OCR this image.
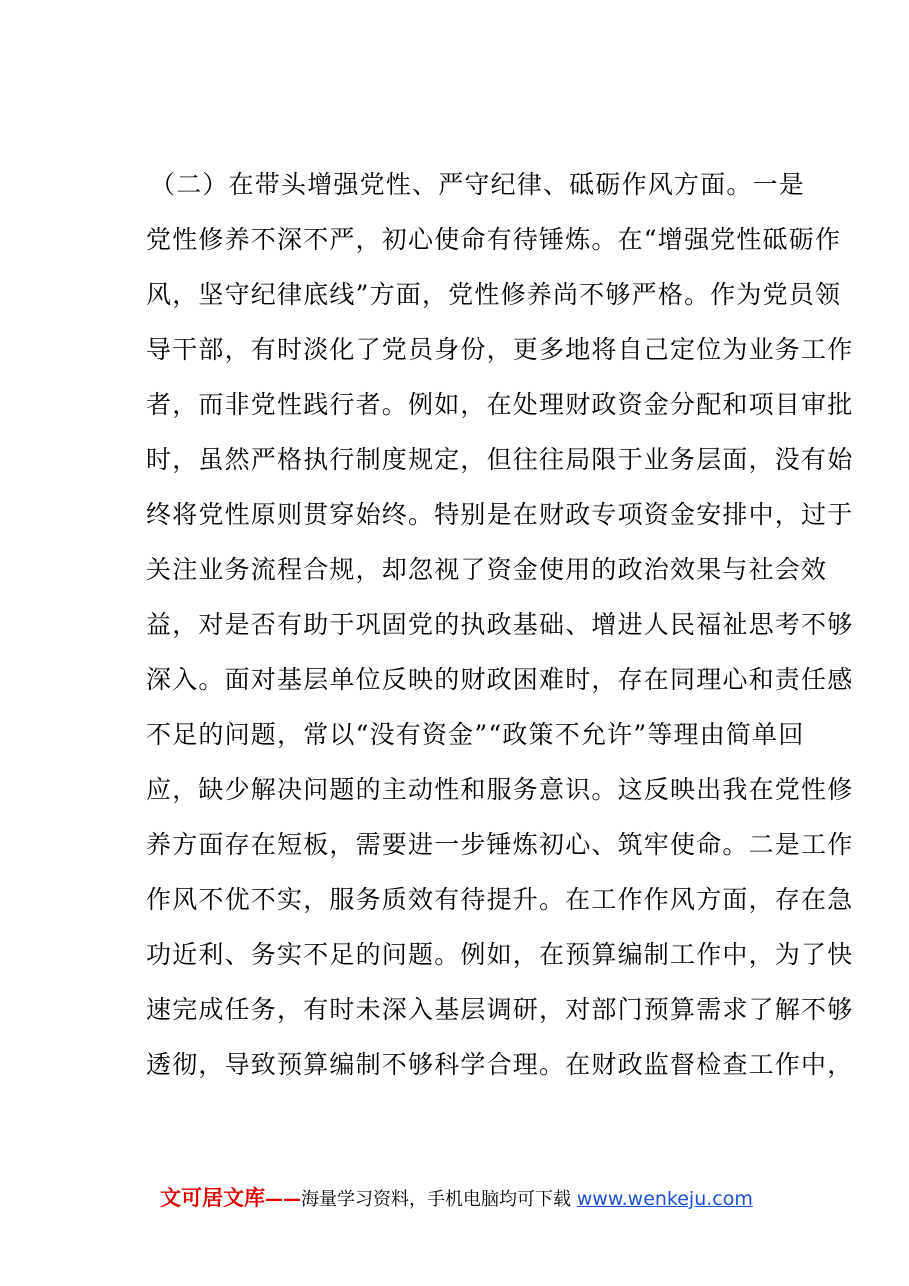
（二）在带头增强党性、严守纪律、砥砺作风方面。一是
党性修养不深不严，初心使命有待锤炼。在“增强党性砥砺作
风，坚守纪律底线”方面，党性修养尚不够严格。作为党员领
导干部，有时淡化了党员身份，更多地将自己定位为业务工作
者，而非党性践行者。例如，在处理财政资金分配和项目审批
时，虽然严格执行制度规定，但往往局限于业务层面，没有始
终将党性原则贯穿始终。特别是在财政专项资金安排中，过于
关注业务流程合规，却忽视了资金使用的政治效果与社会效
益，对是否有助于巩固党的执政基础、增进人民福祉思考不够
深入。面对基层单位反映的财政困难时，存在同理心和责任感
不足的问题，常以“没有资金”“政策不允许”等理由简单回
应，缺少解决问题的主动性和服务意识。这反映出我在党性修
养方面存在短板，需要进一步锤炼初心、筑牢使命。二是工作
作风不优不实，服务质效有待提升。在工作作风方面，存在急
功近利、务实不足的问题。例如，在预算编制工作中，为了快
速完成任务，有时未深入基层调研，对部门预算需求了解不够
透彻，导致预算编制不够科学合理。在财政监督检查工作中，
文可居文库——海量学习资料，手机电脑均可下载 www.wenkeju.com
